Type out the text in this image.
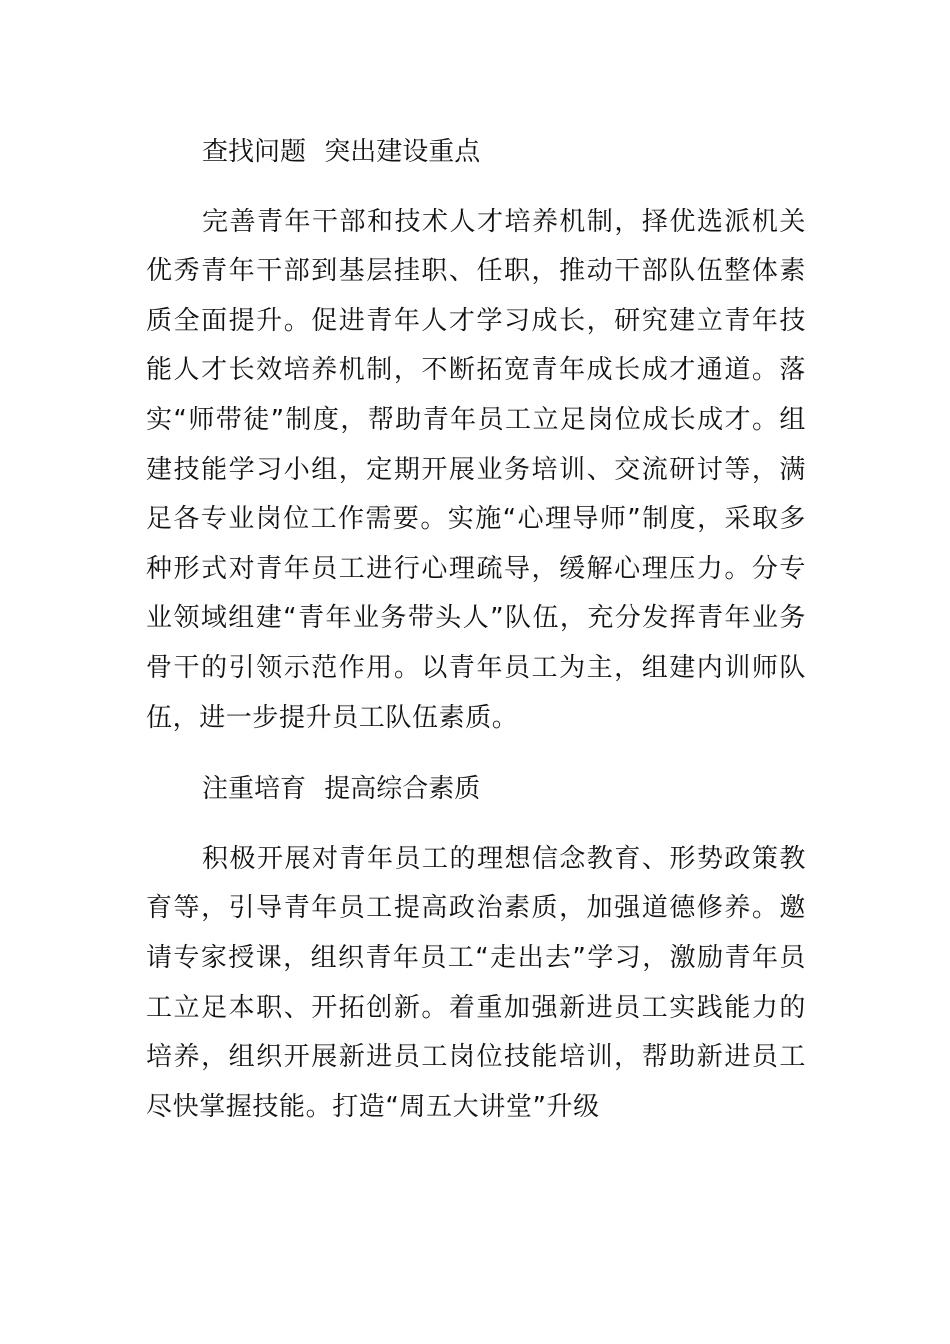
查找问题 突出建设重点

完善青年干部和技术人才培养机制，择优选派机关优秀青年干部到基层挂职、任职，推动干部队伍整体素质全面提升。促进青年人才学习成长，研究建立青年技能人才长效培养机制，不断拓宽青年成长成才通道。落实“师带徒”制度，帮助青年员工立足岗位成长成才。组建技能学习小组，定期开展业务培训、交流研讨等，满足各专业岗位工作需要。实施“心理导师”制度，采取多种形式对青年员工进行心理疏导，缓解心理压力。分专业领域组建“青年业务带头人”队伍，充分发挥青年业务骨干的引领示范作用。以青年员工为主，组建内训师队伍，进一步提升员工队伍素质。

注重培育 提高综合素质

积极开展对青年员工的理想信念教育、形势政策教育等，引导青年员工提高政治素质，加强道德修养。邀请专家授课，组织青年员工“走出去”学习，激励青年员工立足本职、开拓创新。着重加强新进员工实践能力的培养，组织开展新进员工岗位技能培训，帮助新进员工尽快掌握技能。打造“周五大讲堂”升级
